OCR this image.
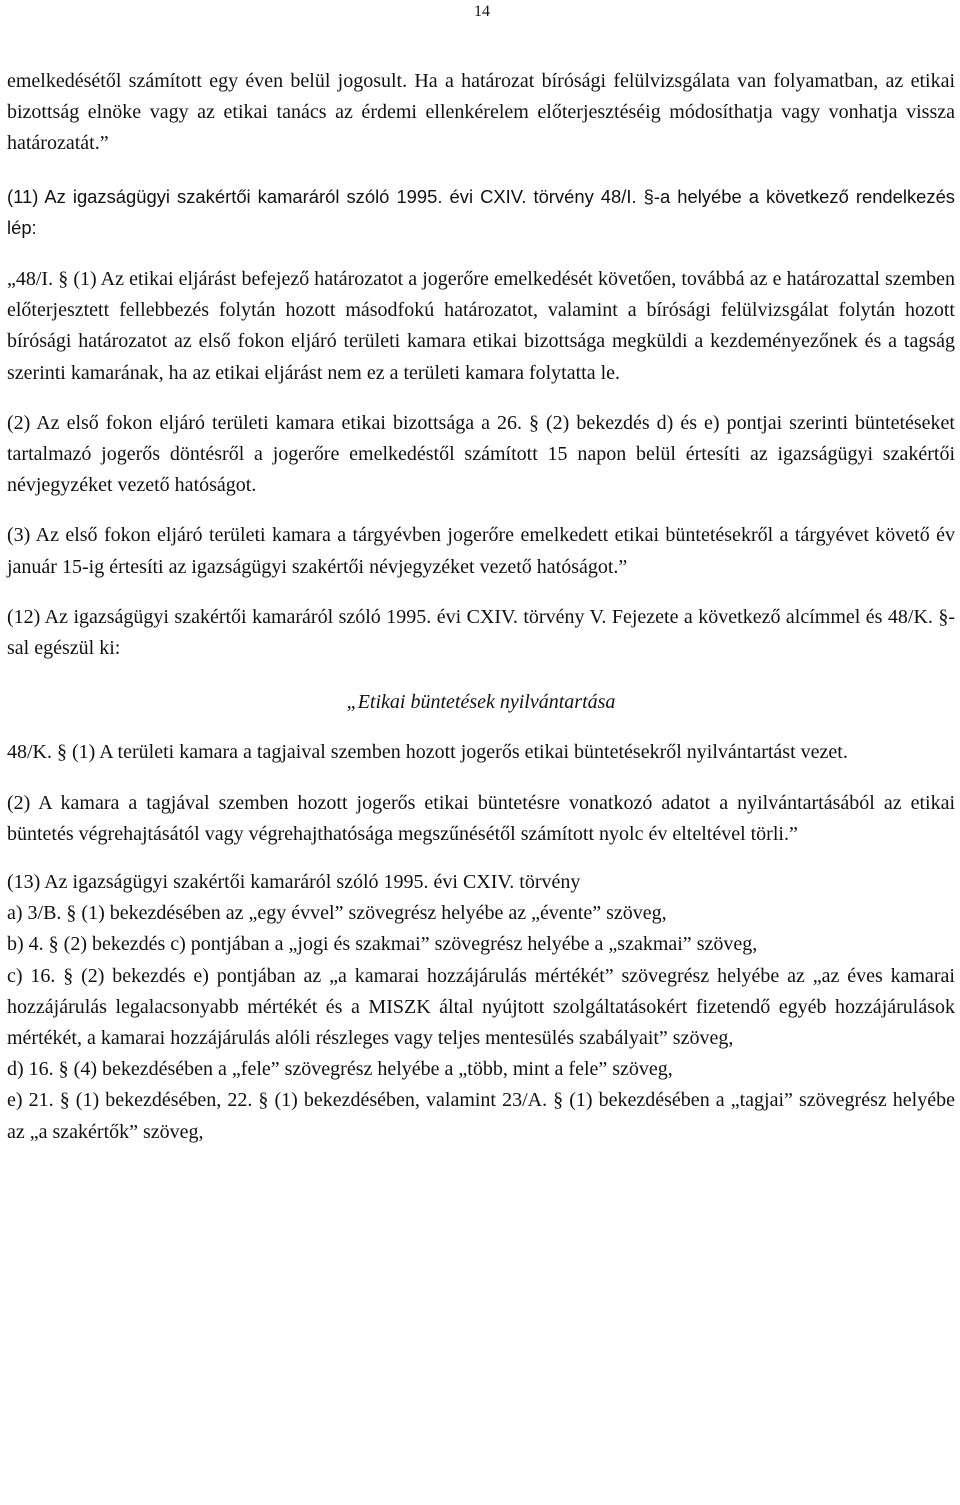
14

emelkedésétől számított egy éven belül jogosult. Ha a határozat bírósági felülvizsgálata van folyamatban, az etikai bizottság elnöke vagy az etikai tanács az érdemi ellenkérelem előterjesztéséig módosíthatja vagy vonhatja vissza határozatát.”

(11) Az igazságügyi szakértői kamaráról szóló 1995. évi CXIV. törvény 48/I. §-a helyébe a következő rendelkezés lép:

„48/I. § (1) Az etikai eljárást befejező határozatot a jogerőre emelkedését követően, továbbá az e határozattal szemben előterjesztett fellebbezés folytán hozott másodfokú határozatot, valamint a bírósági felülvizsgálat folytán hozott bírósági határozatot az első fokon eljáró területi kamara etikai bizottsága megküldi a kezdeményezőnek és a tagság szerinti kamarának, ha az etikai eljárást nem ez a területi kamara folytatta le.

(2) Az első fokon eljáró területi kamara etikai bizottsága a 26. § (2) bekezdés d) és e) pontjai szerinti büntetéseket tartalmazó jogerős döntésről a jogerőre emelkedéstől számított 15 napon belül értesíti az igazságügyi szakértői névjegyzéket vezető hatóságot.

(3) Az első fokon eljáró területi kamara a tárgyévben jogerőre emelkedett etikai büntetésekről a tárgyévet követő év január 15-ig értesíti az igazságügyi szakértői névjegyzéket vezető hatóságot.”

(12) Az igazságügyi szakértői kamaráról szóló 1995. évi CXIV. törvény V. Fejezete a következő alcímmel és 48/K. §-sal egészül ki:

„Etikai büntetések nyilvántartása

48/K. § (1) A területi kamara a tagjaival szemben hozott jogerős etikai büntetésekről nyilvántartást vezet.

(2) A kamara a tagjával szemben hozott jogerős etikai büntetésre vonatkozó adatot a nyilvántartásából az etikai büntetés végrehajtásától vagy végrehajthatósága megszűnésétől számított nyolc év elteltével törli.”

(13) Az igazságügyi szakértői kamaráról szóló 1995. évi CXIV. törvény

a) 3/B. § (1) bekezdésében az „egy évvel” szövegrész helyébe az „évente” szöveg,

b) 4. § (2) bekezdés c) pontjában a „jogi és szakmai” szövegrész helyébe a „szakmai” szöveg,

c) 16. § (2) bekezdés e) pontjában az „a kamarai hozzájárulás mértékét” szövegrész helyébe az „az éves kamarai hozzájárulás legalacsonyabb mértékét és a MISZK által nyújtott szolgáltatásokért fizetendő egyéb hozzájárulások mértékét, a kamarai hozzájárulás alóli részleges vagy teljes mentesülés szabályait” szöveg,

d) 16. § (4) bekezdésében a „fele” szövegrész helyébe a „több, mint a fele” szöveg,

e) 21. § (1) bekezdésében, 22. § (1) bekezdésében, valamint 23/A. § (1) bekezdésében a „tagjai” szövegrész helyébe az „a szakértők” szöveg,
